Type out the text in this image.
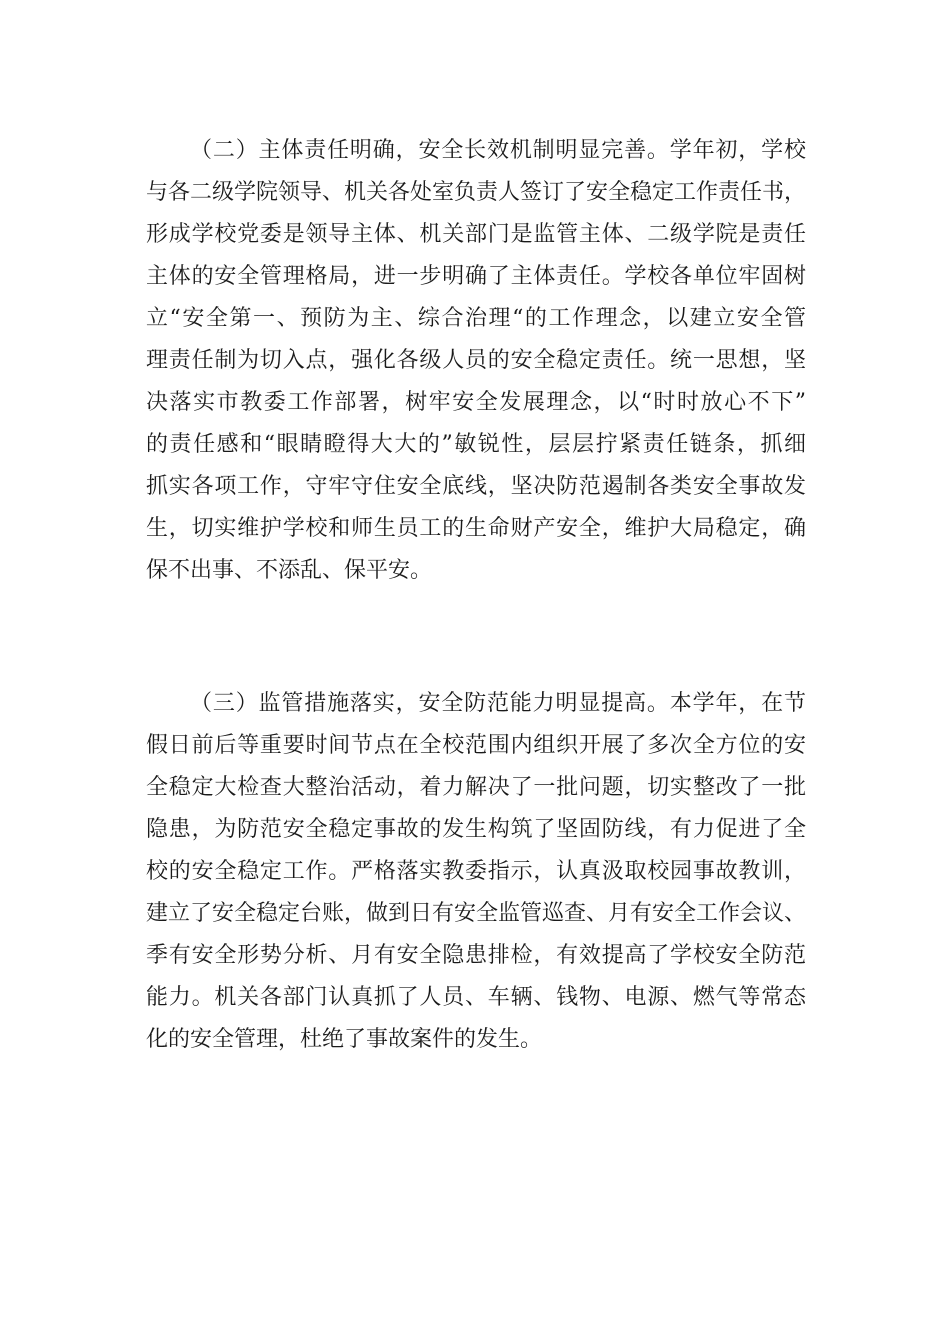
（二）主体责任明确，安全长效机制明显完善。学年初，学校
与各二级学院领导、机关各处室负责人签订了安全稳定工作责任书，
形成学校党委是领导主体、机关部门是监管主体、二级学院是责任
主体的安全管理格局，进一步明确了主体责任。学校各单位牢固树
立“安全第一、预防为主、综合治理“的工作理念，以建立安全管
理责任制为切入点，强化各级人员的安全稳定责任。统一思想，坚
决落实市教委工作部署，树牢安全发展理念，以“时时放心不下”
的责任感和“眼睛瞪得大大的”敏锐性，层层拧紧责任链条，抓细
抓实各项工作，守牢守住安全底线，坚决防范遏制各类安全事故发
生，切实维护学校和师生员工的生命财产安全，维护大局稳定，确
保不出事、不添乱、保平安。
（三）监管措施落实，安全防范能力明显提高。本学年，在节
假日前后等重要时间节点在全校范围内组织开展了多次全方位的安
全稳定大检查大整治活动，着力解决了一批问题，切实整改了一批
隐患，为防范安全稳定事故的发生构筑了坚固防线，有力促进了全
校的安全稳定工作。严格落实教委指示，认真汲取校园事故教训，
建立了安全稳定台账，做到日有安全监管巡查、月有安全工作会议、
季有安全形势分析、月有安全隐患排检，有效提高了学校安全防范
能力。机关各部门认真抓了人员、车辆、钱物、电源、燃气等常态
化的安全管理，杜绝了事故案件的发生。
